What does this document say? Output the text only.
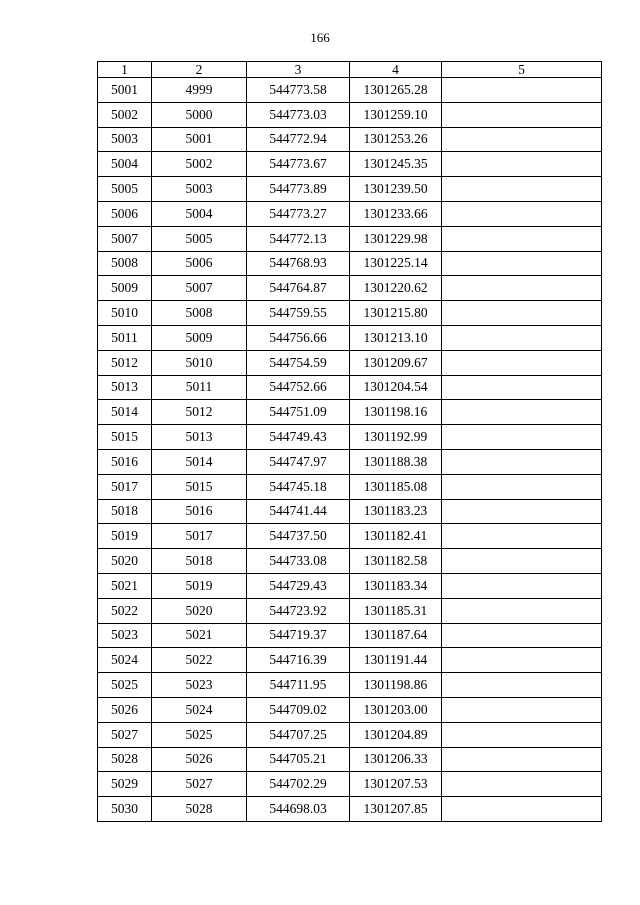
166
1	2	3	4	5
5001	4999	544773.58	1301265.28	
5002	5000	544773.03	1301259.10	
5003	5001	544772.94	1301253.26	
5004	5002	544773.67	1301245.35	
5005	5003	544773.89	1301239.50	
5006	5004	544773.27	1301233.66	
5007	5005	544772.13	1301229.98	
5008	5006	544768.93	1301225.14	
5009	5007	544764.87	1301220.62	
5010	5008	544759.55	1301215.80	
5011	5009	544756.66	1301213.10	
5012	5010	544754.59	1301209.67	
5013	5011	544752.66	1301204.54	
5014	5012	544751.09	1301198.16	
5015	5013	544749.43	1301192.99	
5016	5014	544747.97	1301188.38	
5017	5015	544745.18	1301185.08	
5018	5016	544741.44	1301183.23	
5019	5017	544737.50	1301182.41	
5020	5018	544733.08	1301182.58	
5021	5019	544729.43	1301183.34	
5022	5020	544723.92	1301185.31	
5023	5021	544719.37	1301187.64	
5024	5022	544716.39	1301191.44	
5025	5023	544711.95	1301198.86	
5026	5024	544709.02	1301203.00	
5027	5025	544707.25	1301204.89	
5028	5026	544705.21	1301206.33	
5029	5027	544702.29	1301207.53	
5030	5028	544698.03	1301207.85	
